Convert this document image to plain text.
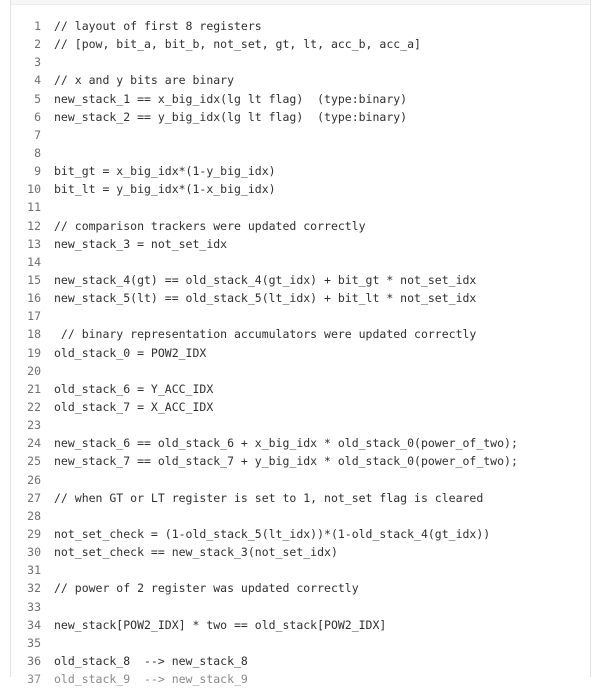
1	// layout of first 8 registers
2	// [pow, bit_a, bit_b, not_set, gt, lt, acc_b, acc_a]
3
4	// x and y bits are binary
5	new_stack_1 == x_big_idx(lg lt flag)  (type:binary)
6	new_stack_2 == y_big_idx(lg lt flag)  (type:binary)
7
8
9	bit_gt = x_big_idx*(1-y_big_idx)
10	bit_lt = y_big_idx*(1-x_big_idx)
11
12	// comparison trackers were updated correctly
13	new_stack_3 = not_set_idx
14
15	new_stack_4(gt) == old_stack_4(gt_idx) + bit_gt * not_set_idx
16	new_stack_5(lt) == old_stack_5(lt_idx) + bit_lt * not_set_idx
17
18	// binary representation accumulators were updated correctly
19	old_stack_0 = POW2_IDX
20
21	old_stack_6 = Y_ACC_IDX
22	old_stack_7 = X_ACC_IDX
23
24	new_stack_6 == old_stack_6 + x_big_idx * old_stack_0(power_of_two);
25	new_stack_7 == old_stack_7 + y_big_idx * old_stack_0(power_of_two);
26
27	// when GT or LT register is set to 1, not_set flag is cleared
28
29	not_set_check = (1-old_stack_5(lt_idx))*(1-old_stack_4(gt_idx))
30	not_set_check == new_stack_3(not_set_idx)
31
32	// power of 2 register was updated correctly
33
34	new_stack[POW2_IDX] * two == old_stack[POW2_IDX]
35
36	old_stack_8  --> new_stack_8
37	old_stack_9  --> new_stack_9
